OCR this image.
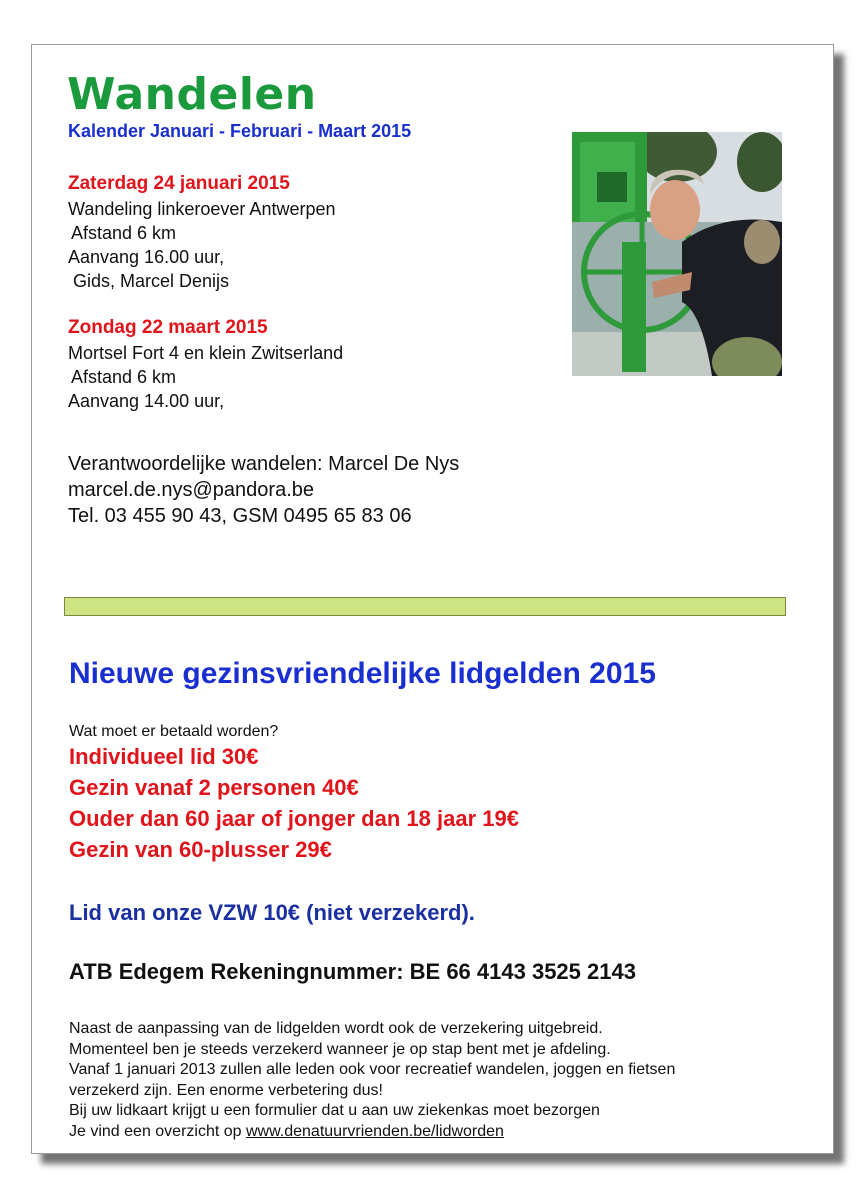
Wandelen
Kalender Januari - Februari - Maart 2015
Zaterdag 24 januari 2015
Wandeling linkeroever Antwerpen
Afstand 6 km
Aanvang 16.00 uur,
Gids, Marcel Denijs
Zondag 22 maart 2015
Mortsel Fort 4 en klein Zwitserland
Afstand 6 km
Aanvang 14.00 uur,
Verantwoordelijke wandelen: Marcel De Nys
marcel.de.nys@pandora.be
Tel. 03 455 90 43, GSM 0495 65 83 06
Nieuwe gezinsvriendelijke lidgelden 2015
Wat moet er betaald worden?
Individueel lid 30€
Gezin vanaf 2 personen 40€
Ouder dan 60 jaar of jonger dan 18 jaar 19€
Gezin van 60-plusser 29€
Lid van onze VZW 10€ (niet verzekerd).
ATB Edegem Rekeningnummer: BE 66 4143 3525 2143
Naast de aanpassing van de lidgelden wordt ook de verzekering uitgebreid.
Momenteel ben je steeds verzekerd wanneer je op stap bent met je afdeling.
Vanaf 1 januari 2013 zullen alle leden ook voor recreatief wandelen, joggen en fietsen
verzekerd zijn. Een enorme verbetering dus!
Bij uw lidkaart krijgt u een formulier dat u aan uw ziekenkas moet bezorgen
Je vind een overzicht op www.denatuurvrienden.be/lidworden
